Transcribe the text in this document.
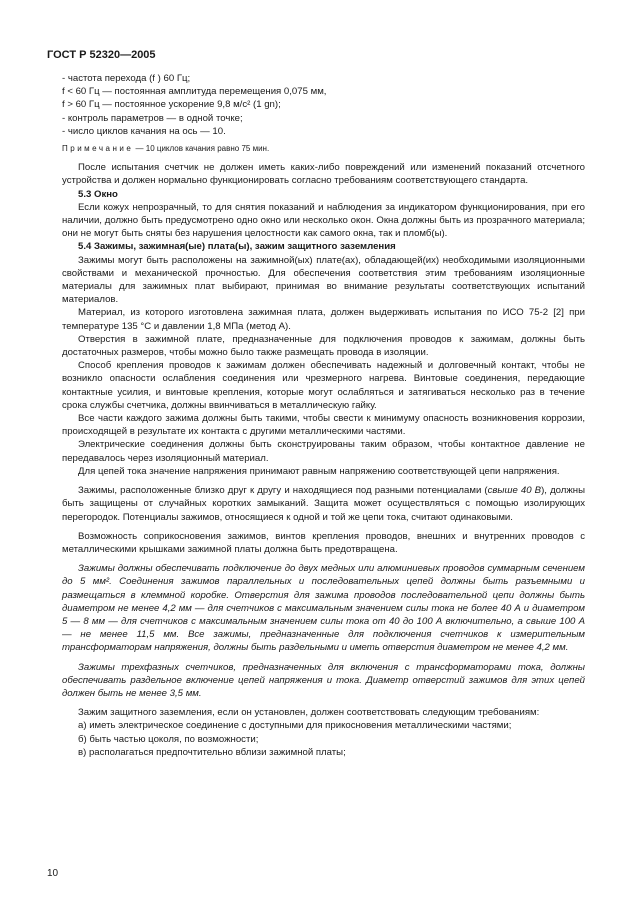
ГОСТ Р 52320—2005

- частота перехода (f ) 60 Гц;

f < 60 Гц — постоянная амплитуда перемещения 0,075 мм,

f > 60 Гц — постоянное ускорение 9,8 м/с² (1 gn);

- контроль параметров — в одной точке;

- число циклов качания на ось — 10.

Примечание — 10 циклов качания равно 75 мин.

После испытания счетчик не должен иметь каких-либо повреждений или изменений показаний отсчетного устройства и должен нормально функционировать согласно требованиям соответствующего стандарта.

5.3 Окно

Если кожух непрозрачный, то для снятия показаний и наблюдения за индикатором функционирования, при его наличии, должно быть предусмотрено одно окно или несколько окон. Окна должны быть из прозрачного материала; они не могут быть сняты без нарушения целостности как самого окна, так и пломб(ы).

5.4 Зажимы, зажимная(ые) плата(ы), зажим защитного заземления

Зажимы могут быть расположены на зажимной(ых) плате(ах), обладающей(их) необходимыми изоляционными свойствами и механической прочностью. Для обеспечения соответствия этим требованиям изоляционные материалы для зажимных плат выбирают, принимая во внимание результаты соответствующих испытаний материалов.

Материал, из которого изготовлена зажимная плата, должен выдерживать испытания по ИСО 75-2 [2] при температуре 135 °С и давлении 1,8 МПа (метод А).

Отверстия в зажимной плате, предназначенные для подключения проводов к зажимам, должны быть достаточных размеров, чтобы можно было также размещать провода в изоляции.

Способ крепления проводов к зажимам должен обеспечивать надежный и долговечный контакт, чтобы не возникло опасности ослабления соединения или чрезмерного нагрева. Винтовые соединения, передающие контактные усилия, и винтовые крепления, которые могут ослабляться и затягиваться несколько раз в течение срока службы счетчика, должны ввинчиваться в металлическую гайку.

Все части каждого зажима должны быть такими, чтобы свести к минимуму опасность возникновения коррозии, происходящей в результате их контакта с другими металлическими частями.

Электрические соединения должны быть сконструированы таким образом, чтобы контактное давление не передавалось через изоляционный материал.

Для цепей тока значение напряжения принимают равным напряжению соответствующей цепи напряжения.

Зажимы, расположенные близко друг к другу и находящиеся под разными потенциалами (свыше 40 В), должны быть защищены от случайных коротких замыканий. Защита может осуществляться с помощью изолирующих перегородок. Потенциалы зажимов, относящиеся к одной и той же цепи тока, считают одинаковыми.

Возможность соприкосновения зажимов, винтов крепления проводов, внешних и внутренних проводов с металлическими крышками зажимной платы должна быть предотвращена.

Зажимы должны обеспечивать подключение до двух медных или алюминиевых проводов суммарным сечением до 5 мм². Соединения зажимов параллельных и последовательных цепей должны быть разъемными и размещаться в клеммной коробке. Отверстия для зажима проводов последовательной цепи должны быть диаметром не менее 4,2 мм — для счетчиков с максимальным значением силы тока не более 40 А и диаметром 5 — 8 мм — для счетчиков с максимальным значением силы тока от 40 до 100 А включительно, а свыше 100 А — не менее 11,5 мм. Все зажимы, предназначенные для подключения счетчиков к измерительным трансформаторам напряжения, должны быть раздельными и иметь отверстия диаметром не менее 4,2 мм.

Зажимы трехфазных счетчиков, предназначенных для включения с трансформаторами тока, должны обеспечивать раздельное включение цепей напряжения и тока. Диаметр отверстий зажимов для этих цепей должен быть не менее 3,5 мм.

Зажим защитного заземления, если он установлен, должен соответствовать следующим требованиям:

а) иметь электрическое соединение с доступными для прикосновения металлическими частями;

б) быть частью цоколя, по возможности;

в) располагаться предпочтительно вблизи зажимной платы;

10
